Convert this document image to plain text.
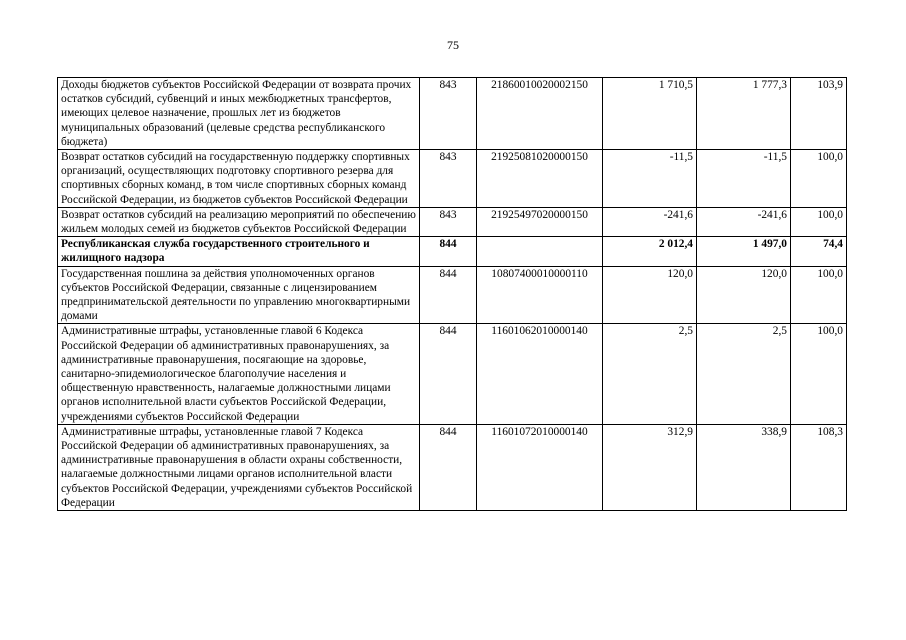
75
Доходы бюджетов субъектов Российской Федерации от возврата прочих остатков субсидий, субвенций и иных межбюджетных трансфертов, имеющих целевое назначение, прошлых лет из бюджетов муниципальных образований (целевые средства республиканского бюджета)	843	21860010020002150	1 710,5	1 777,3	103,9
Возврат остатков субсидий на государственную поддержку спортивных организаций, осуществляющих подготовку спортивного резерва для спортивных сборных команд, в том числе спортивных сборных команд Российской Федерации, из бюджетов субъектов Российской Федерации	843	21925081020000150	-11,5	-11,5	100,0
Возврат остатков субсидий на реализацию мероприятий по обеспечению жильем молодых семей из бюджетов субъектов Российской Федерации	843	21925497020000150	-241,6	-241,6	100,0
Республиканская служба государственного строительного и жилищного надзора	844		2 012,4	1 497,0	74,4
Государственная пошлина за действия уполномоченных органов субъектов Российской Федерации, связанные с лицензированием предпринимательской деятельности по управлению многоквартирными домами	844	10807400010000110	120,0	120,0	100,0
Административные штрафы, установленные главой 6 Кодекса Российской Федерации об административных правонарушениях, за административные правонарушения, посягающие на здоровье, санитарно-эпидемиологическое благополучие населения и общественную нравственность, налагаемые должностными лицами органов исполнительной власти субъектов Российской Федерации, учреждениями субъектов Российской Федерации	844	11601062010000140	2,5	2,5	100,0
Административные штрафы, установленные главой 7 Кодекса Российской Федерации об административных правонарушениях, за административные правонарушения в области охраны собственности, налагаемые должностными лицами органов исполнительной власти субъектов Российской Федерации, учреждениями субъектов Российской Федерации	844	11601072010000140	312,9	338,9	108,3
